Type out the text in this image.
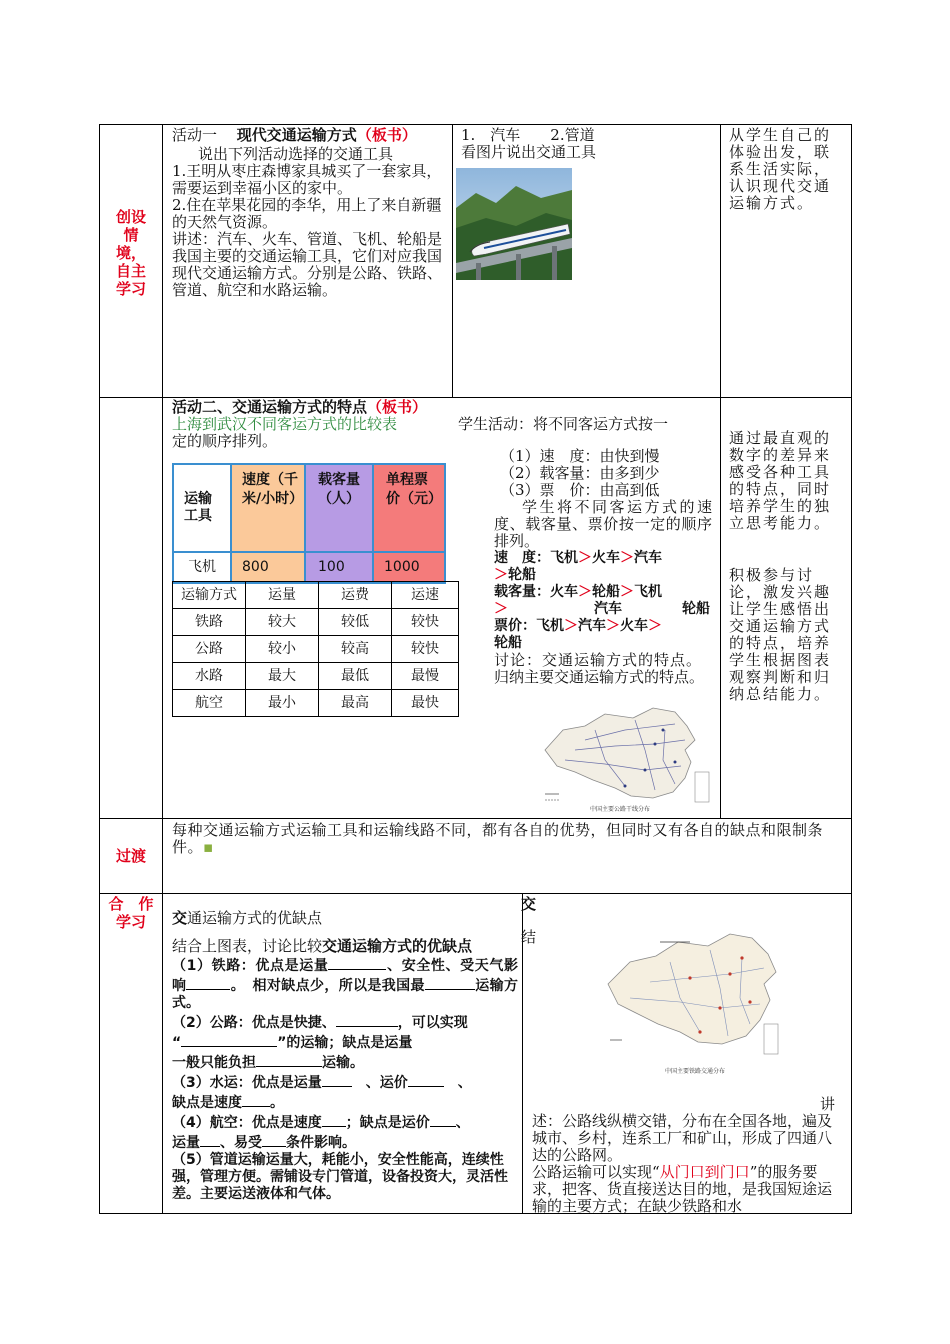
创设
情
境，
自主
学习

活动一　 现代交通运输方式（板书）

说出下列活动选择的交通工具

1.王明从枣庄森博家具城买了一套家具，需要运到幸福小区的家中。

2.住在苹果花园的李华，用上了来自新疆的天然气资源。

讲述：汽车、火车、管道、飞机、轮船是我国主要的交通运输工具，它们对应我国现代交通运输方式。分别是公路、铁路、管道、航空和水路运输。

1.　汽车　　2.管道

看图片说出交通工具

从学生自己的体验出发，联系生活实际，认识现代交通运输方式。
活动二、交通运输方式的特点（板书）
上海到武汉不同客运方式的比较表
定的顺序排列。
学生活动：将不同客运方式按一
运输工具
速度（千米/小时）
载客量（人）
单程票价（元）
飞机	800	100	1000
运输方式	运量	运费	运速
铁路	较大	较低	较快
公路	较小	较高	较快
水路	最大	最低	最慢
航空	最小	最高	最快

（1）速　度：由快到慢

（2）载客量：由多到少

（3）票　价：由高到低

学生将不同客运方式的速度、载客量、票价按一定的顺序排列。

速　度：飞机＞火车＞汽车
＞轮船

载客量：火车＞轮船＞飞机
＞	汽车	轮船

票价：飞机＞汽车＞火车＞
轮船

讨论：交通运输方式的特点。

归纳主要交通运输方式的特点。

中国主要公路干线分布
通过最直观的数字的差异来感受各种工具的特点，同时培养学生的独立思考能力。
积极参与讨论，激发兴趣让学生感悟出交通运输方式的特点，培养学生根据图表观察判断和归纳总结能力。
过渡
每种交通运输方式运输工具和运输线路不同，都有各自的优势，但同时又有各自的缺点和限制条件。▪
合　作
学习	交通运输方式的优缺点

结合上图表，讨论比较交通运输方式的优缺点

（1）铁路：优点是运量	、安全性、受天气影响	。　相对缺点少，所以是我国最	运输方式。

（2）公路：优点是快捷、	，可以实现
“	”的运输；缺点是运量
一般只能负担	运输。

（3）水运：优点是运量　	、运价　	、
缺点是速度 。

（4）航空：优点是速度 ；缺点是运价 、
运量 、易受 条件影响。

（5）管道运输运量大，耗能小，安全性能高，连续性强，管理方便。需铺设专门管道，设备投资大，灵活性差。主要运送液体和气体。

交
结
中国主要铁路交通分布
讲

述：公路线纵横交错，分布在全国各地，遍及城市、乡村，连系工厂和矿山，形成了四通八达的公路网。

公路运输可以实现“从门口到门口”的服务要求，把客、货直接送达目的地，是我国短途运输的主要方式；在缺少铁路和水
